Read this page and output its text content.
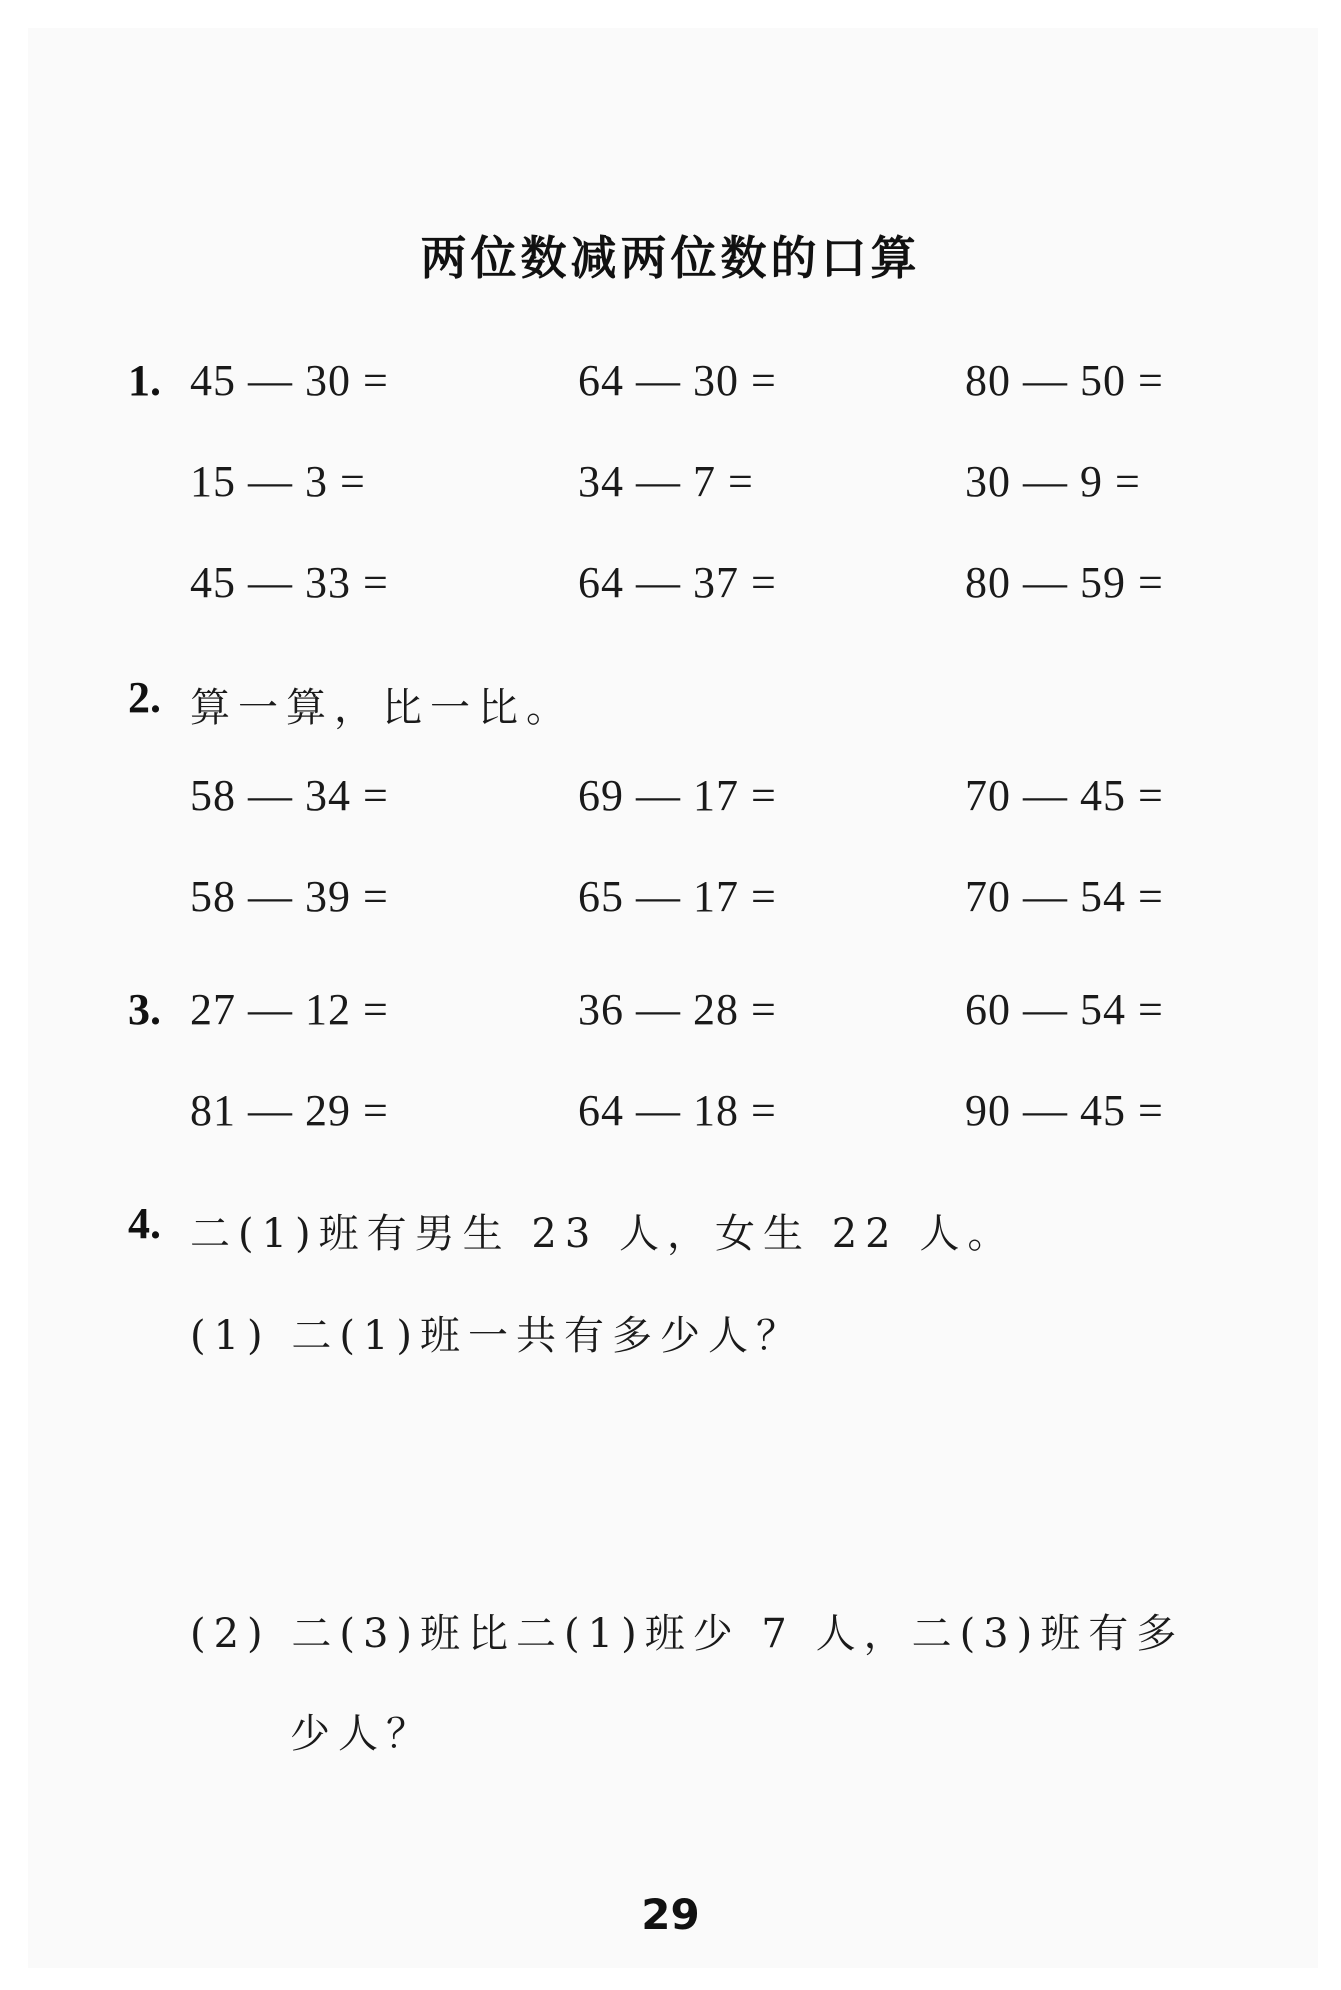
两位数减两位数的口算
1. 45 — 30 =	64 — 30 =	80 — 50 =
15 — 3 =	34 — 7 =	30 — 9 =
45 — 33 =	64 — 37 =	80 — 59 =
2. 算一算，比一比。
58 — 34 =	69 — 17 =	70 — 45 =
58 — 39 =	65 — 17 =	70 — 54 =
3. 27 — 12 =	36 — 28 =	60 — 54 =
81 — 29 =	64 — 18 =	90 — 45 =
4. 二(1)班有男生 23 人，女生 22 人。
(1) 二(1)班一共有多少人？
(2) 二(3)班比二(1)班少 7 人，二(3)班有多
少人？
29
